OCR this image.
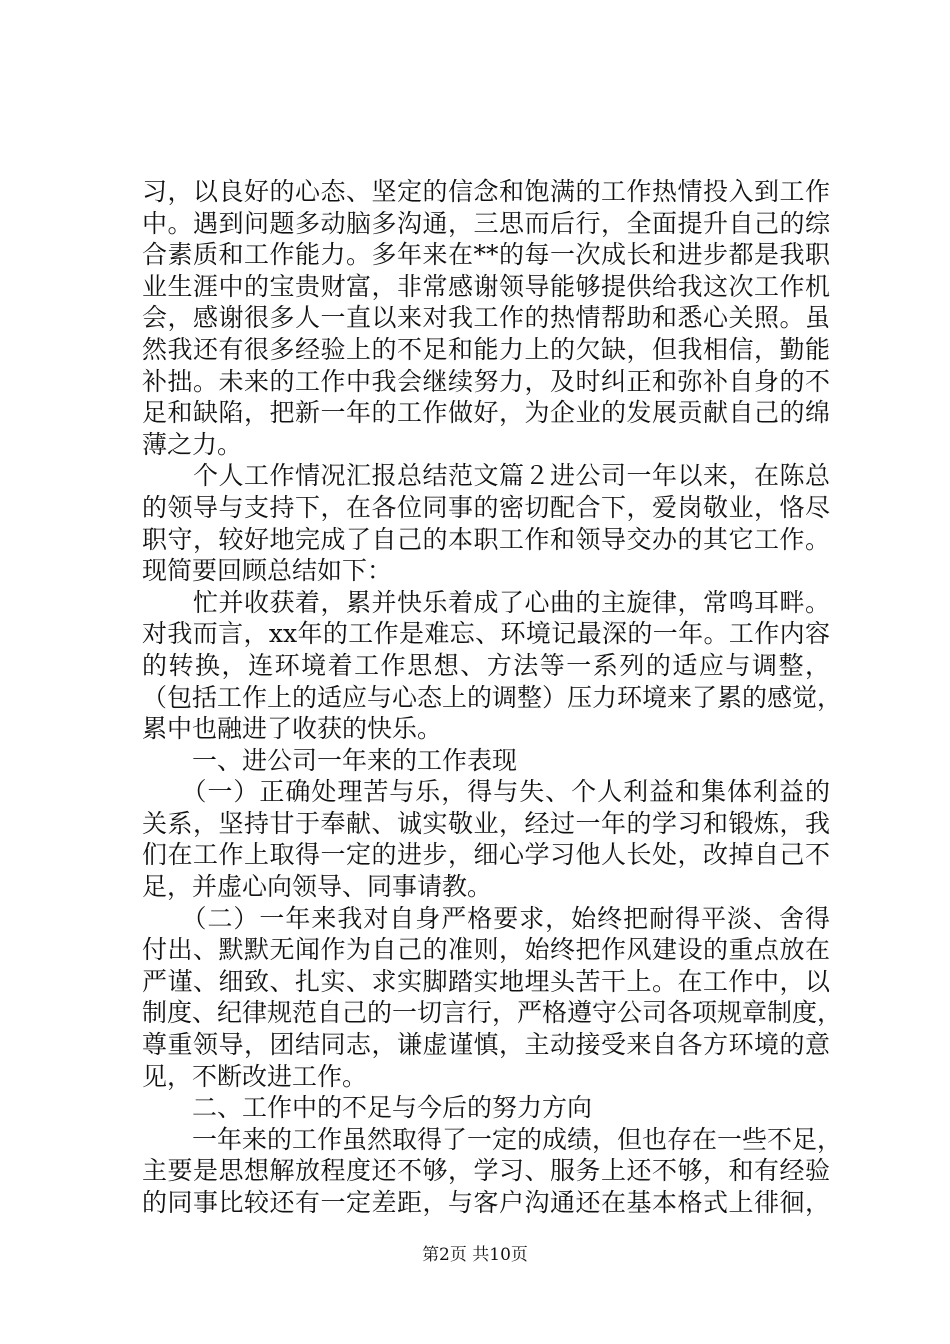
习，以良好的心态、坚定的信念和饱满的工作热情投入到工作
中。遇到问题多动脑多沟通，三思而后行，全面提升自己的综
合素质和工作能力。多年来在**的每一次成长和进步都是我职
业生涯中的宝贵财富，非常感谢领导能够提供给我这次工作机
会，感谢很多人一直以来对我工作的热情帮助和悉心关照。虽
然我还有很多经验上的不足和能力上的欠缺，但我相信，勤能
补拙。未来的工作中我会继续努力，及时纠正和弥补自身的不
足和缺陷，把新一年的工作做好，为企业的发展贡献自己的绵
薄之力。
　　个人工作情况汇报总结范文篇２进公司一年以来，在陈总
的领导与支持下，在各位同事的密切配合下，爱岗敬业，恪尽
职守，较好地完成了自己的本职工作和领导交办的其它工作。
现简要回顾总结如下：
　　忙并收获着，累并快乐着成了心曲的主旋律，常鸣耳畔。
对我而言，xx年的工作是难忘、环境记最深的一年。工作内容
的转换，连环境着工作思想、方法等一系列的适应与调整，
（包括工作上的适应与心态上的调整）压力环境来了累的感觉，
累中也融进了收获的快乐。
　　一、进公司一年来的工作表现
　　（一）正确处理苦与乐，得与失、个人利益和集体利益的
关系，坚持甘于奉献、诚实敬业，经过一年的学习和锻炼，我
们在工作上取得一定的进步，细心学习他人长处，改掉自己不
足，并虚心向领导、同事请教。
　　（二）一年来我对自身严格要求，始终把耐得平淡、舍得
付出、默默无闻作为自己的准则，始终把作风建设的重点放在
严谨、细致、扎实、求实脚踏实地埋头苦干上。在工作中，以
制度、纪律规范自己的一切言行，严格遵守公司各项规章制度，
尊重领导，团结同志，谦虚谨慎，主动接受来自各方环境的意
见，不断改进工作。
　　二、工作中的不足与今后的努力方向
　　一年来的工作虽然取得了一定的成绩，但也存在一些不足，
主要是思想解放程度还不够，学习、服务上还不够，和有经验
的同事比较还有一定差距，与客户沟通还在基本格式上徘徊，
第2页 共10页
